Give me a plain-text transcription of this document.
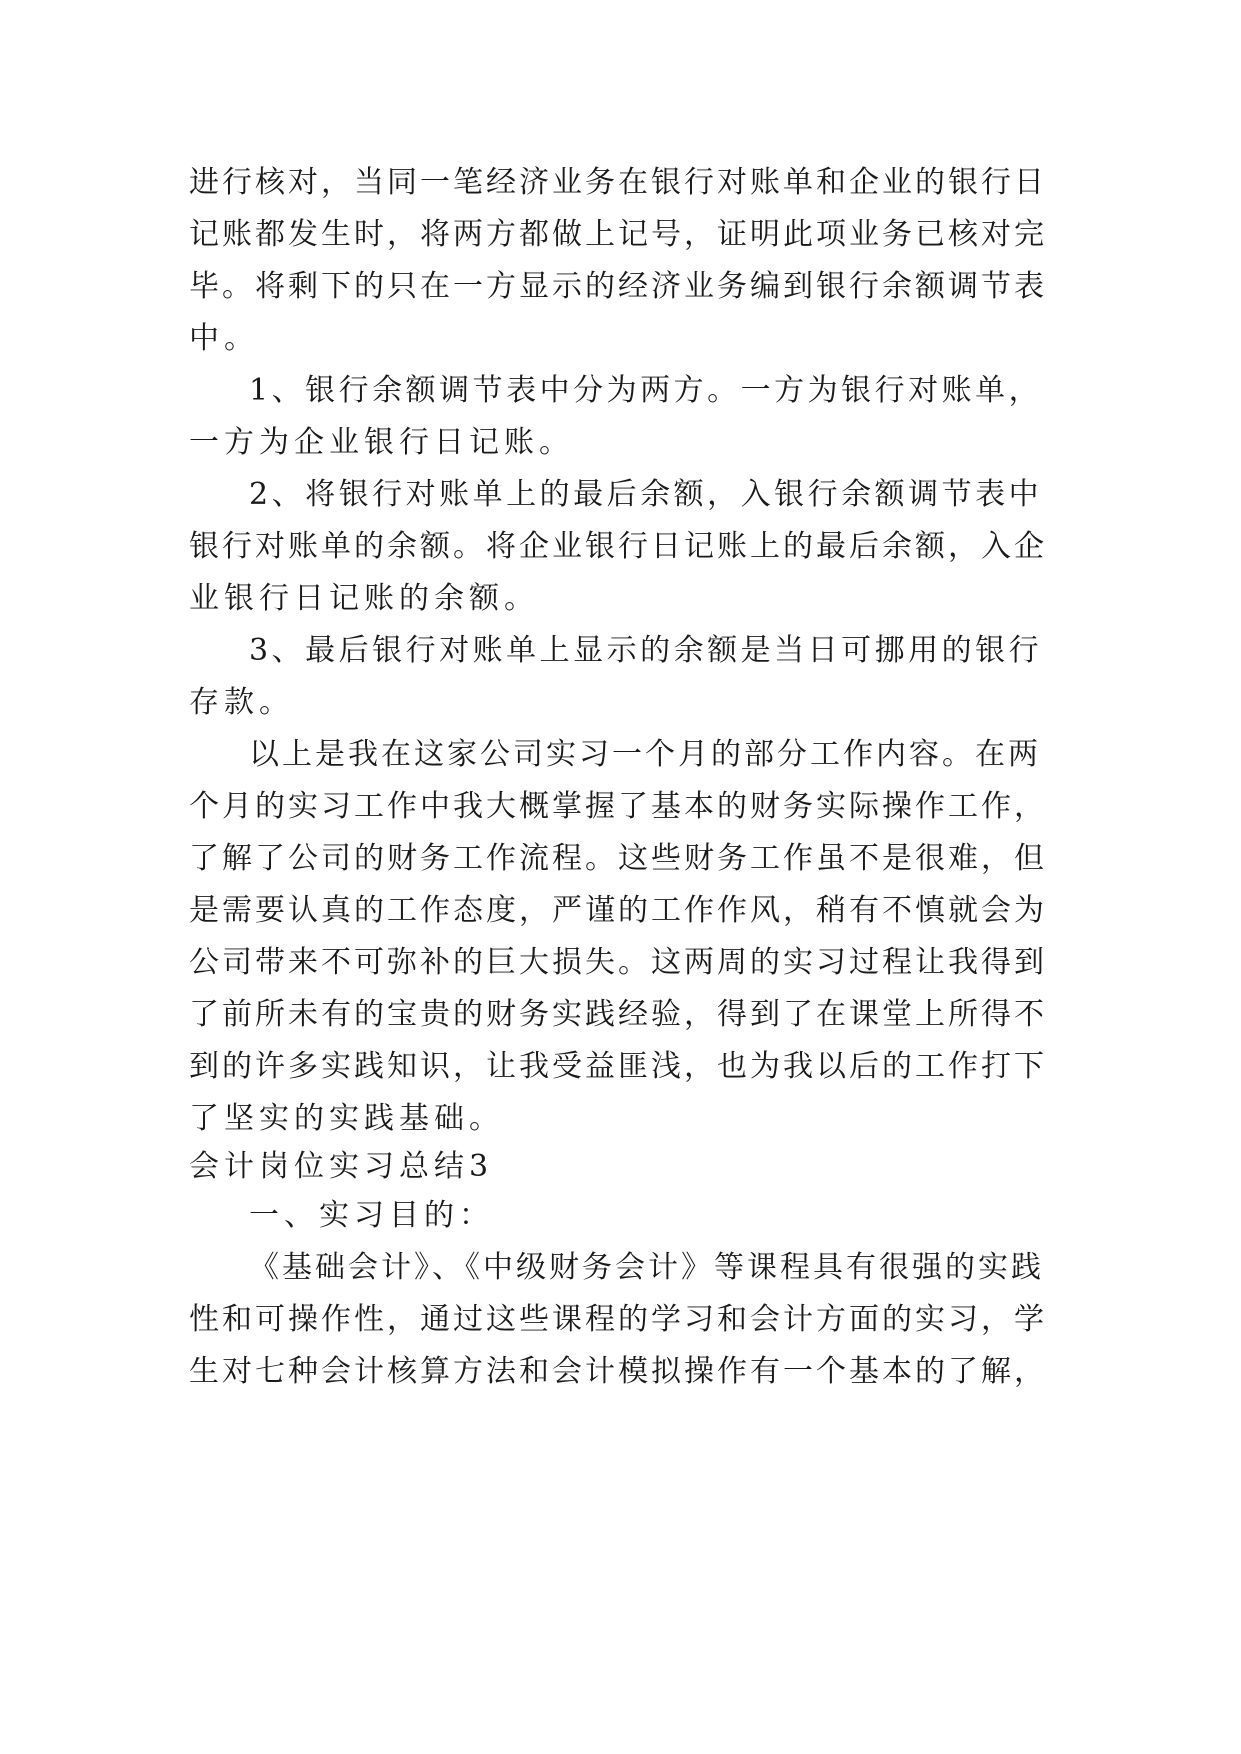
进行核对，当同一笔经济业务在银行对账单和企业的银行日
记账都发生时，将两方都做上记号，证明此项业务已核对完
毕。将剩下的只在一方显示的经济业务编到银行余额调节表
中。
1、银行余额调节表中分为两方。一方为银行对账单，
一方为企业银行日记账。
2、将银行对账单上的最后余额，入银行余额调节表中
银行对账单的余额。将企业银行日记账上的最后余额，入企
业银行日记账的余额。
3、最后银行对账单上显示的余额是当日可挪用的银行
存款。
以上是我在这家公司实习一个月的部分工作内容。在两
个月的实习工作中我大概掌握了基本的财务实际操作工作，
了解了公司的财务工作流程。这些财务工作虽不是很难，但
是需要认真的工作态度，严谨的工作作风，稍有不慎就会为
公司带来不可弥补的巨大损失。这两周的实习过程让我得到
了前所未有的宝贵的财务实践经验，得到了在课堂上所得不
到的许多实践知识，让我受益匪浅，也为我以后的工作打下
了坚实的实践基础。
会计岗位实习总结3
一、实习目的：
《基础会计》、《中级财务会计》等课程具有很强的实践
性和可操作性，通过这些课程的学习和会计方面的实习，学
生对七种会计核算方法和会计模拟操作有一个基本的了解，
